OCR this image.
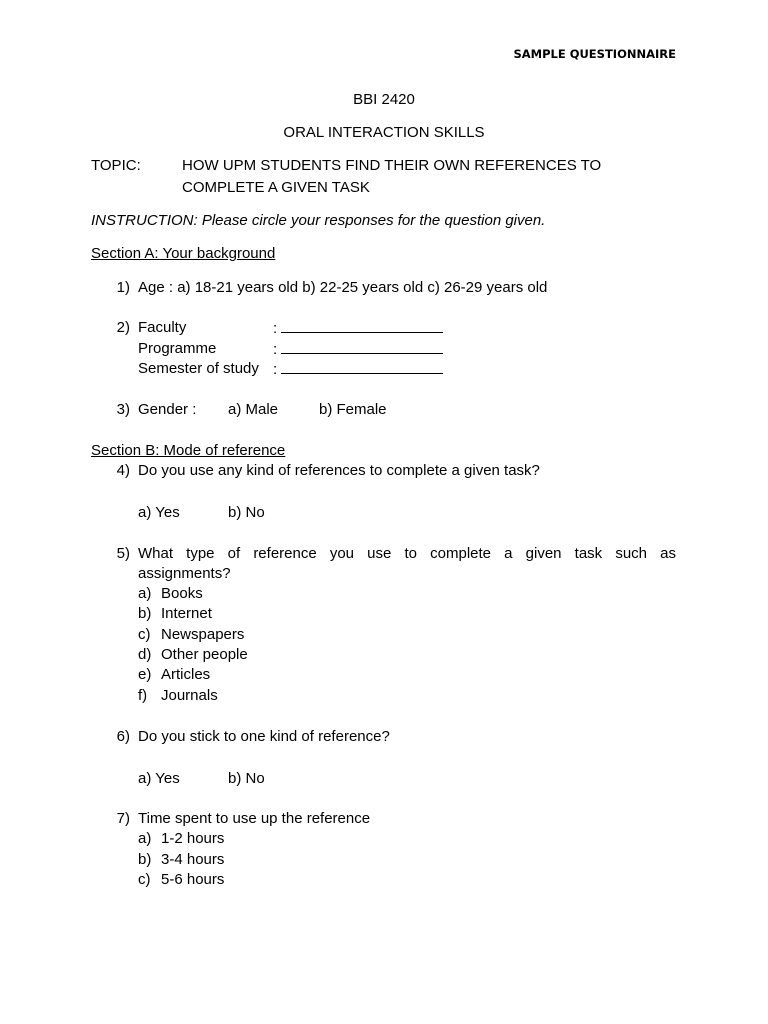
SAMPLE QUESTIONNAIRE
BBI 2420
ORAL INTERACTION SKILLS
TOPIC:	HOW UPM STUDENTS FIND THEIR OWN REFERENCES TO
COMPLETE A GIVEN TASK
INSTRUCTION: Please circle your responses for the question given.
Section A: Your background
1) Age : a) 18-21 years old b) 22-25 years old c) 26-29 years old
2) Faculty	:
Programme	:
Semester of study :
3) Gender : a) Male	b) Female
Section B: Mode of reference
4) Do you use any kind of references to complete a given task?
a) Yes	b) No
5) What type of reference you use to complete a given task such as
assignments?
a) Books
b) Internet
c) Newspapers
d) Other people
e) Articles
f) Journals
6) Do you stick to one kind of reference?
a) Yes	b) No
7) Time spent to use up the reference
a) 1-2 hours
b) 3-4 hours
c) 5-6 hours
